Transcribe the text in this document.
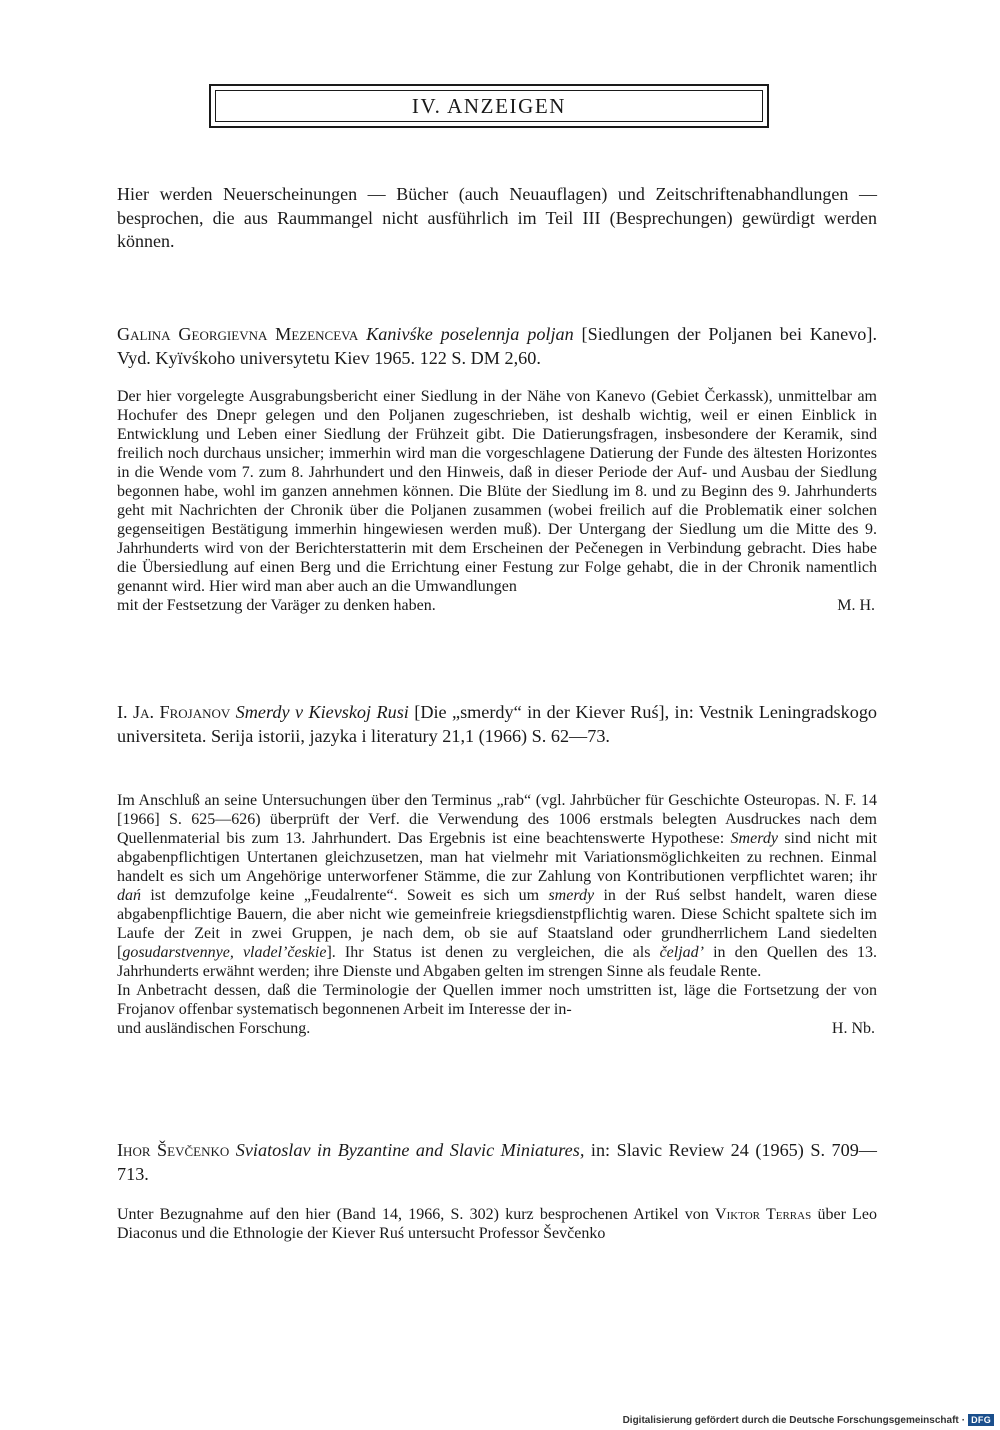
IV. ANZEIGEN
Hier werden Neuerscheinungen — Bücher (auch Neuauflagen) und Zeitschriftenabhandlungen — besprochen, die aus Raummangel nicht ausführlich im Teil III (Besprechungen) gewürdigt werden können.
Galina Georgievna Mezenceva Kanivśke poselennja poljan [Siedlungen der Poljanen bei Kanevo]. Vyd. Kyïvśkoho universytetu Kiev 1965. 122 S. DM 2,60.

Der hier vorgelegte Ausgrabungsbericht einer Siedlung in der Nähe von Kanevo (Gebiet Čerkassk), unmittelbar am Hochufer des Dnepr gelegen und den Poljanen zugeschrieben, ist deshalb wichtig, weil er einen Einblick in Entwicklung und Leben einer Siedlung der Frühzeit gibt. Die Datierungsfragen, insbesondere der Keramik, sind freilich noch durchaus unsicher; immerhin wird man die vorgeschlagene Datierung der Funde des ältesten Horizontes in die Wende vom 7. zum 8. Jahrhundert und den Hinweis, daß in dieser Periode der Auf- und Ausbau der Siedlung begonnen habe, wohl im ganzen annehmen können. Die Blüte der Siedlung im 8. und zu Beginn des 9. Jahrhunderts geht mit Nachrichten der Chronik über die Poljanen zusammen (wobei freilich auf die Problematik einer solchen gegenseitigen Bestätigung immerhin hingewiesen werden muß). Der Untergang der Siedlung um die Mitte des 9. Jahrhunderts wird von der Berichterstatterin mit dem Erscheinen der Pečenegen in Verbindung gebracht. Dies habe die Übersiedlung auf einen Berg und die Errichtung einer Festung zur Folge gehabt, die in der Chronik namentlich genannt wird. Hier wird man aber auch an die Umwandlungen

mit der Festsetzung der Varäger zu denken haben.	M. H.
I. Ja. Frojanov Smerdy v Kievskoj Rusi [Die „smerdy“ in der Kiever Ruś], in: Vestnik Leningradskogo universiteta. Serija istorii, jazyka i literatury 21,1 (1966) S. 62—73.

Im Anschluß an seine Untersuchungen über den Terminus „rab“ (vgl. Jahrbücher für Geschichte Osteuropas. N. F. 14 [1966] S. 625—626) überprüft der Verf. die Verwendung des 1006 erstmals belegten Ausdruckes nach dem Quellenmaterial bis zum 13. Jahrhundert. Das Ergebnis ist eine beachtenswerte Hypothese: Smerdy sind nicht mit abgabenpflichtigen Untertanen gleichzusetzen, man hat vielmehr mit Variationsmöglichkeiten zu rechnen. Einmal handelt es sich um Angehörige unterworfener Stämme, die zur Zahlung von Kontributionen verpflichtet waren; ihr dań ist demzufolge keine „Feudalrente“. Soweit es sich um smerdy in der Ruś selbst handelt, waren diese abgabenpflichtige Bauern, die aber nicht wie gemeinfreie kriegsdienstpflichtig waren. Diese Schicht spaltete sich im Laufe der Zeit in zwei Gruppen, je nach dem, ob sie auf Staatsland oder grundherrlichem Land siedelten [gosudarstvennye, vladel’českie]. Ihr Status ist denen zu vergleichen, die als čeljad’ in den Quellen des 13. Jahrhunderts erwähnt werden; ihre Dienste und Abgaben gelten im strengen Sinne als feudale Rente.

In Anbetracht dessen, daß die Terminologie der Quellen immer noch umstritten ist, läge die Fortsetzung der von Frojanov offenbar systematisch begonnenen Arbeit im Interesse der in-

und ausländischen Forschung.	H. Nb.
Ihor Ševčenko Sviatoslav in Byzantine and Slavic Miniatures, in: Slavic Review 24 (1965) S. 709—713.

Unter Bezugnahme auf den hier (Band 14, 1966, S. 302) kurz besprochenen Artikel von Viktor Terras über Leo Diaconus und die Ethnologie der Kiever Ruś untersucht Professor Ševčenko

Digitalisierung gefördert durch die Deutsche Forschungsgemeinschaft · DFG
